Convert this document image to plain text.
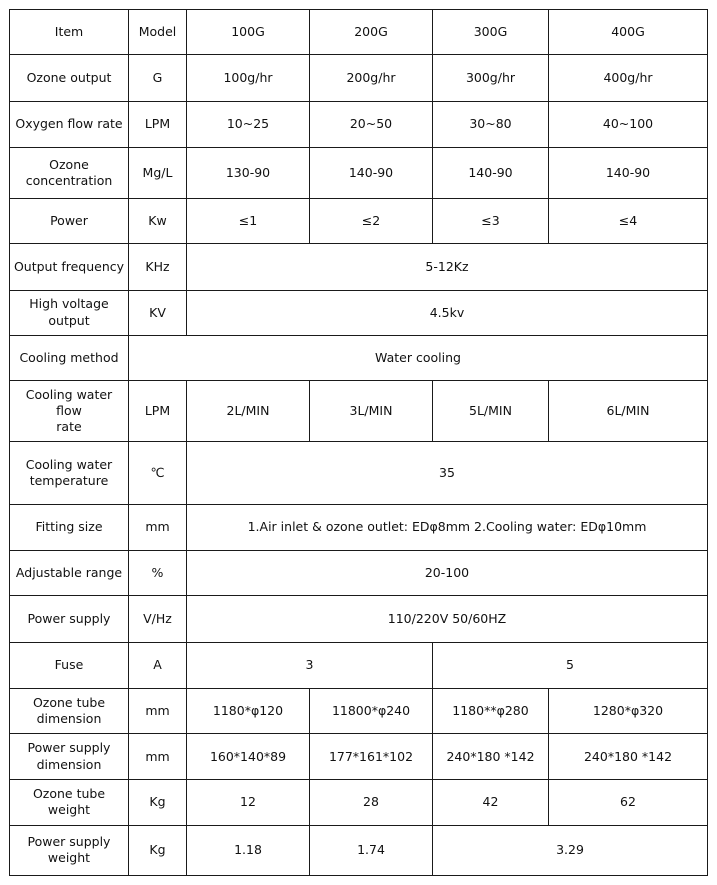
Item	Model	100G	200G	300G	400G
Ozone output	G	100g/hr	200g/hr	300g/hr	400g/hr
Oxygen flow rate	LPM	10~25	20~50	30~80	40~100
Ozone
concentration	Mg/L	130-90	140-90	140-90	140-90
Power	Kw	≤1	≤2	≤3	≤4
Output frequency	KHz	5-12Kz			
High voltage
output	KV	4.5kv			
Cooling method	Water cooling				
Cooling water flow
rate	LPM	2L/MIN	3L/MIN	5L/MIN	6L/MIN
Cooling water
temperature	℃	35			
Fitting size	mm	1.Air inlet & ozone outlet: EDφ8mm 2.Cooling water: EDφ10mm			
Adjustable range	%	20-100			
Power supply	V/Hz	110/220V 50/60HZ			
Fuse	A	3		5	
Ozone tube
dimension	mm	1180*φ120	11800*φ240	1180**φ280	1280*φ320
Power supply
dimension	mm	160*140*89	177*161*102	240*180 *142	240*180 *142
Ozone tube weight	Kg	12	28	42	62
Power supply
weight	Kg	1.18	1.74	3.29	
